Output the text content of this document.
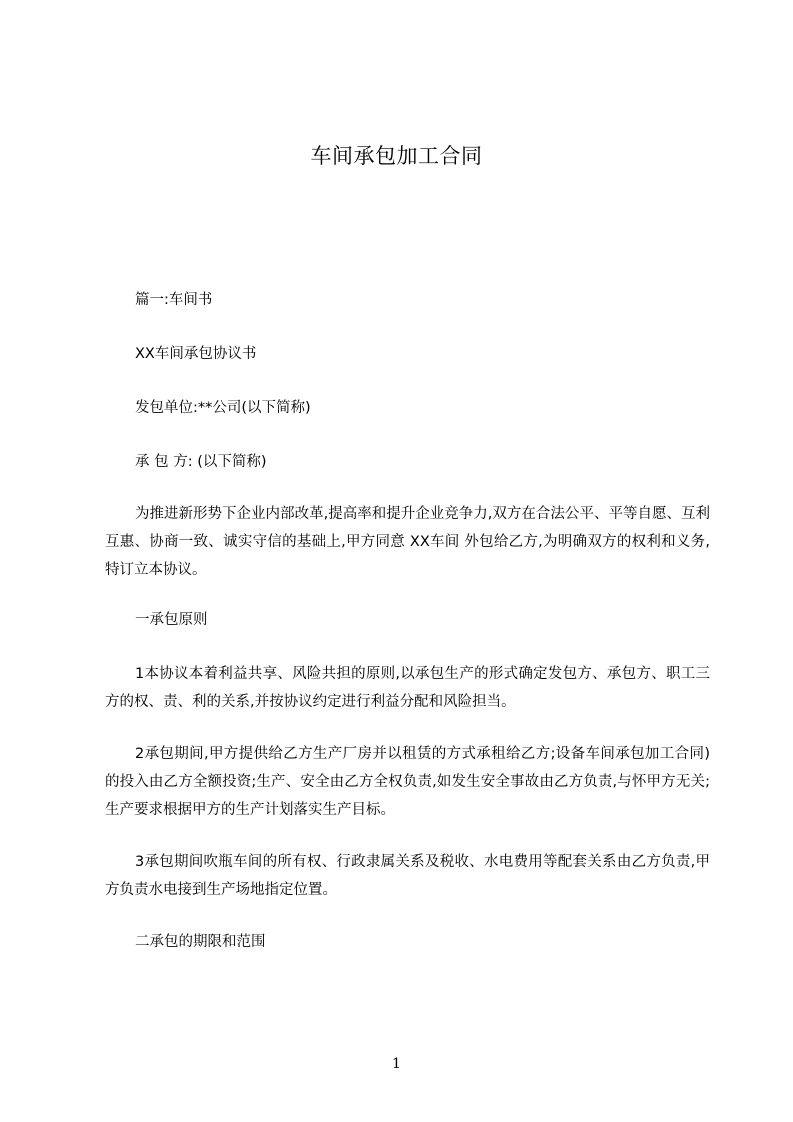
车间承包加工合同
篇一:车间书
XX车间承包协议书
发包单位:**公司(以下简称)
承 包 方: (以下简称)
为推进新形势下企业内部改革,提高率和提升企业竞争力,双方在合法公平、平等自愿、互利互惠、协商一致、诚实守信的基础上,甲方同意 XX车间 外包给乙方,为明确双方的权利和义务,特订立本协议。
一承包原则
1本协议本着利益共享、风险共担的原则,以承包生产的形式确定发包方、承包方、职工三方的权、责、利的关系,并按协议约定进行利益分配和风险担当。
2承包期间,甲方提供给乙方生产厂房并以租赁的方式承租给乙方;设备车间承包加工合同)的投入由乙方全额投资;生产、安全由乙方全权负责,如发生安全事故由乙方负责,与怀甲方无关;生产要求根据甲方的生产计划落实生产目标。
3承包期间吹瓶车间的所有权、行政隶属关系及税收、水电费用等配套关系由乙方负责,甲方负责水电接到生产场地指定位置。
二承包的期限和范围
1
